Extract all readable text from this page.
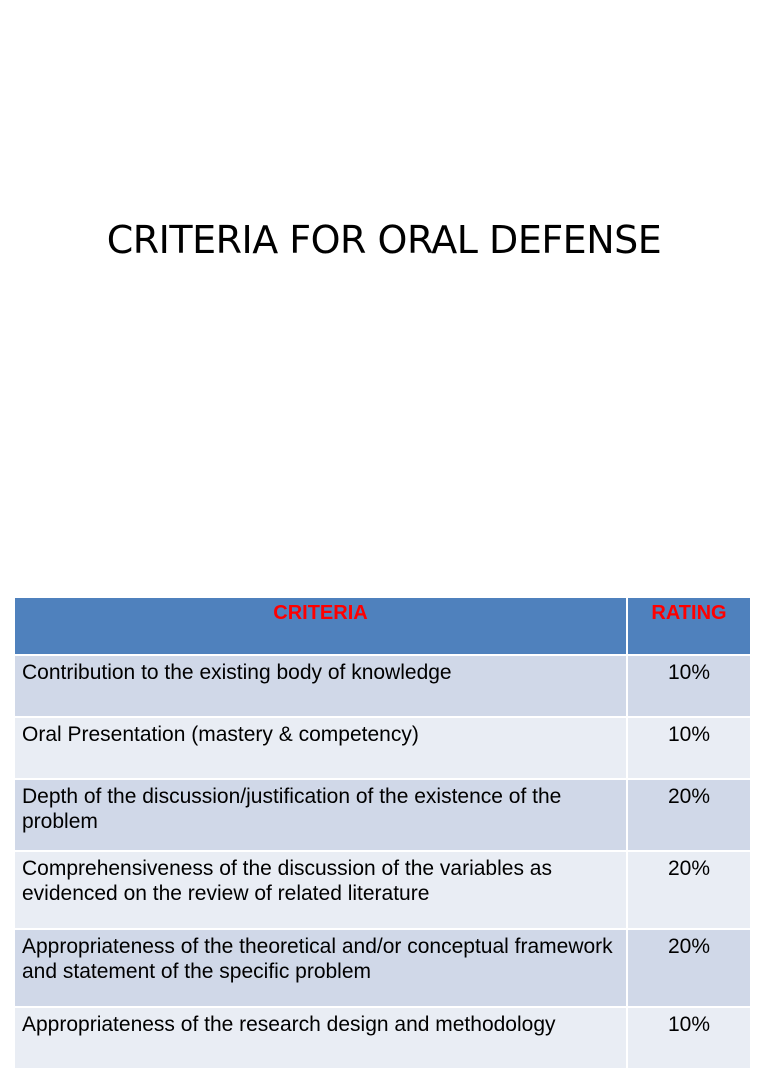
CRITERIA FOR ORAL DEFENSE
CRITERIA	RATING
Contribution to the existing body of knowledge	10%
Oral Presentation (mastery & competency)	10%
Depth of the discussion/justification of the existence of the problem	20%
Comprehensiveness of the discussion of the variables as evidenced on the review of related literature	20%
Appropriateness of the theoretical and/or conceptual framework and statement of the specific problem	20%
Appropriateness of the research design and methodology	10%
